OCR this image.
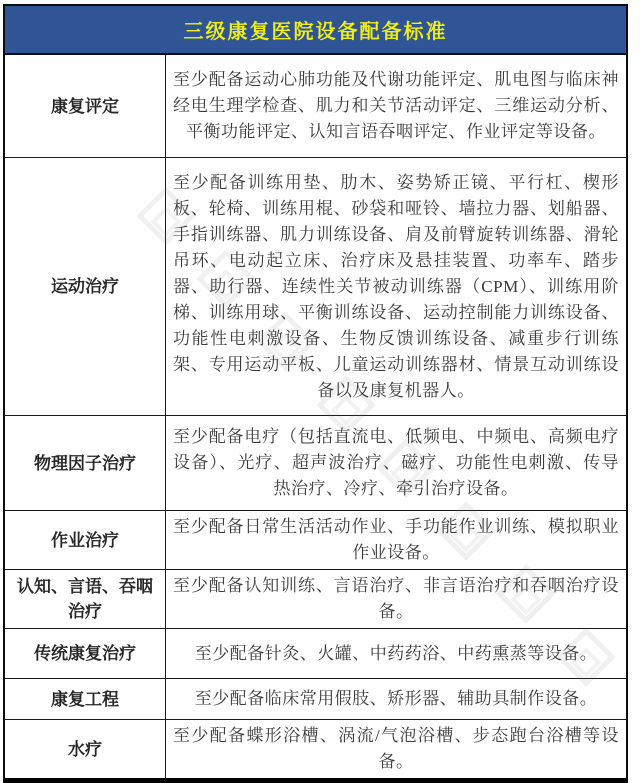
三级康复医院设备配备标准
康复评定

至少配备运动心肺功能及代谢功能评定、肌电图与临床神经电生理学检查、肌力和关节活动评定、三维运动分析、平衡功能评定、认知言语吞咽评定、作业评定等设备。

运动治疗

至少配备训练用垫、肋木、姿势矫正镜、平行杠、楔形板、轮椅、训练用棍、砂袋和哑铃、墙拉力器、划船器、手指训练器、肌力训练设备、肩及前臂旋转训练器、滑轮吊环、电动起立床、治疗床及悬挂装置、功率车、踏步器、助行器、连续性关节被动训练器（CPM）、训练用阶梯、训练用球、平衡训练设备、运动控制能力训练设备、功能性电刺激设备、生物反馈训练设备、减重步行训练架、专用运动平板、儿童运动训练器材、情景互动训练设备以及康复机器人。

物理因子治疗

至少配备电疗（包括直流电、低频电、中频电、高频电疗设备）、光疗、超声波治疗、磁疗、功能性电刺激、传导热治疗、冷疗、牵引治疗设备。

作业治疗

至少配备日常生活活动作业、手功能作业训练、模拟职业作业设备。

认知、言语、吞咽治疗

至少配备认知训练、言语治疗、非言语治疗和吞咽治疗设备。

传统康复治疗	至少配备针灸、火罐、中药药浴、中药熏蒸等设备。

康复工程	至少配备临床常用假肢、矫形器、辅助具制作设备。

水疗

至少配备蝶形浴槽、涡流/气泡浴槽、步态跑台浴槽等设备。
